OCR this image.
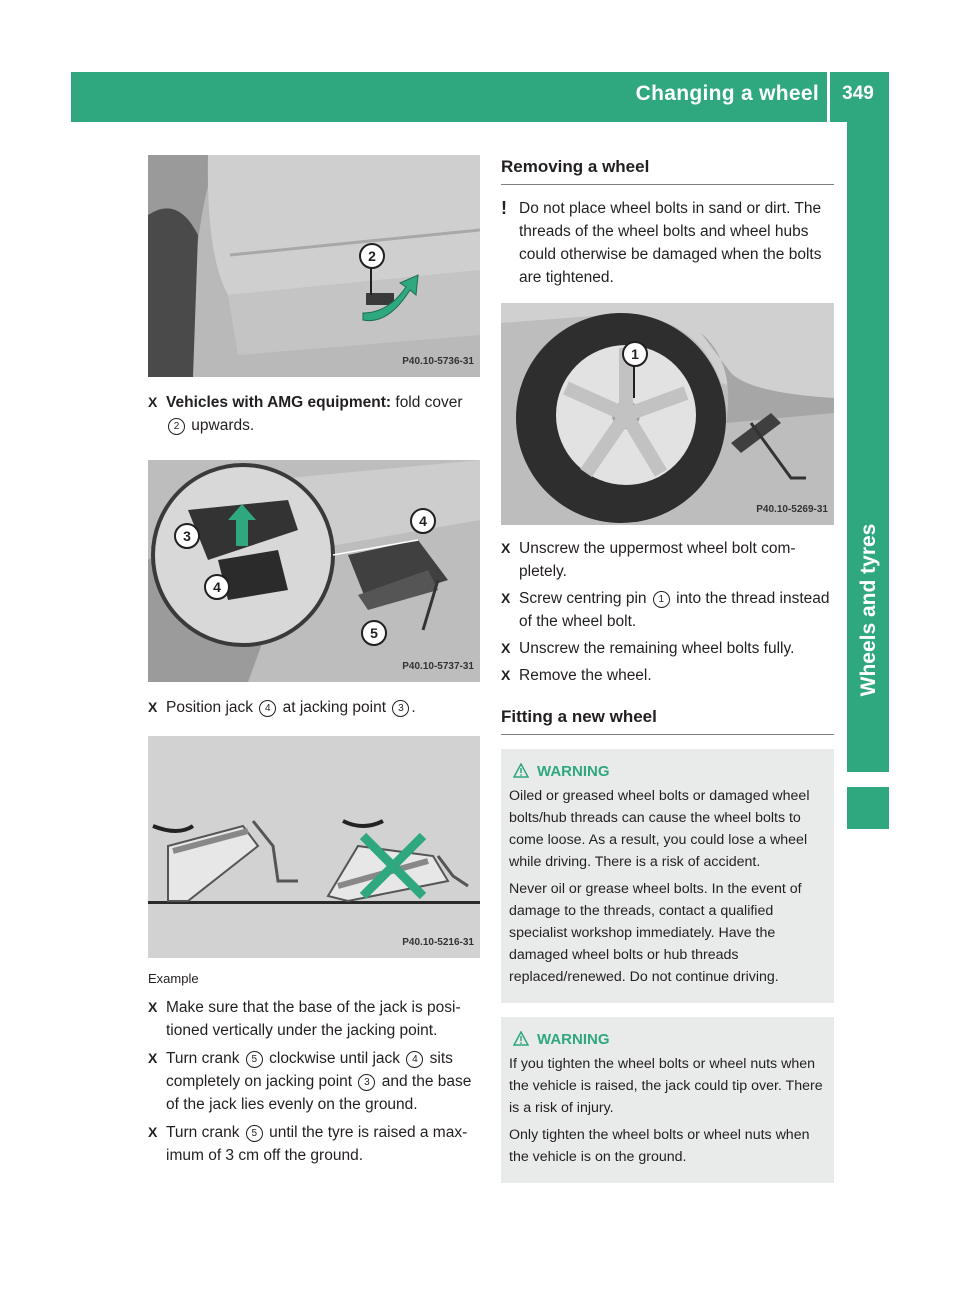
Changing a wheel	349
Wheels and tyres
2
P40.10-5736-31

X Vehicles with AMG equipment: fold cover 2 upwards.

3
4
4
5
P40.10-5737-31

X Position jack 4 at jacking point 3 .

P40.10-5216-31
Example

X Make sure that the base of the jack is posi-tioned vertically under the jacking point.

X Turn crank 5 clockwise until jack 4 sits completely on jacking point 3 and the base of the jack lies evenly on the ground.

X Turn crank 5 until the tyre is raised a max-imum of 3 cm off the ground.

Removing a wheel
! Do not place wheel bolts in sand or dirt. The threads of the wheel bolts and wheel hubs could otherwise be damaged when the bolts are tightened.
1
P40.10-5269-31

X Unscrew the uppermost wheel bolt com-pletely.

X Screw centring pin 1 into the thread instead of the wheel bolt.

X Unscrew the remaining wheel bolts fully.

X Remove the wheel.

Fitting a new wheel
WARNING

Oiled or greased wheel bolts or damaged wheel bolts/hub threads can cause the wheel bolts to come loose. As a result, you could lose a wheel while driving. There is a risk of accident.

Never oil or grease wheel bolts. In the event of damage to the threads, contact a qualified specialist workshop immediately. Have the damaged wheel bolts or hub threads replaced/renewed. Do not continue driving.

WARNING

If you tighten the wheel bolts or wheel nuts when the vehicle is raised, the jack could tip over. There is a risk of injury.

Only tighten the wheel bolts or wheel nuts when the vehicle is on the ground.
